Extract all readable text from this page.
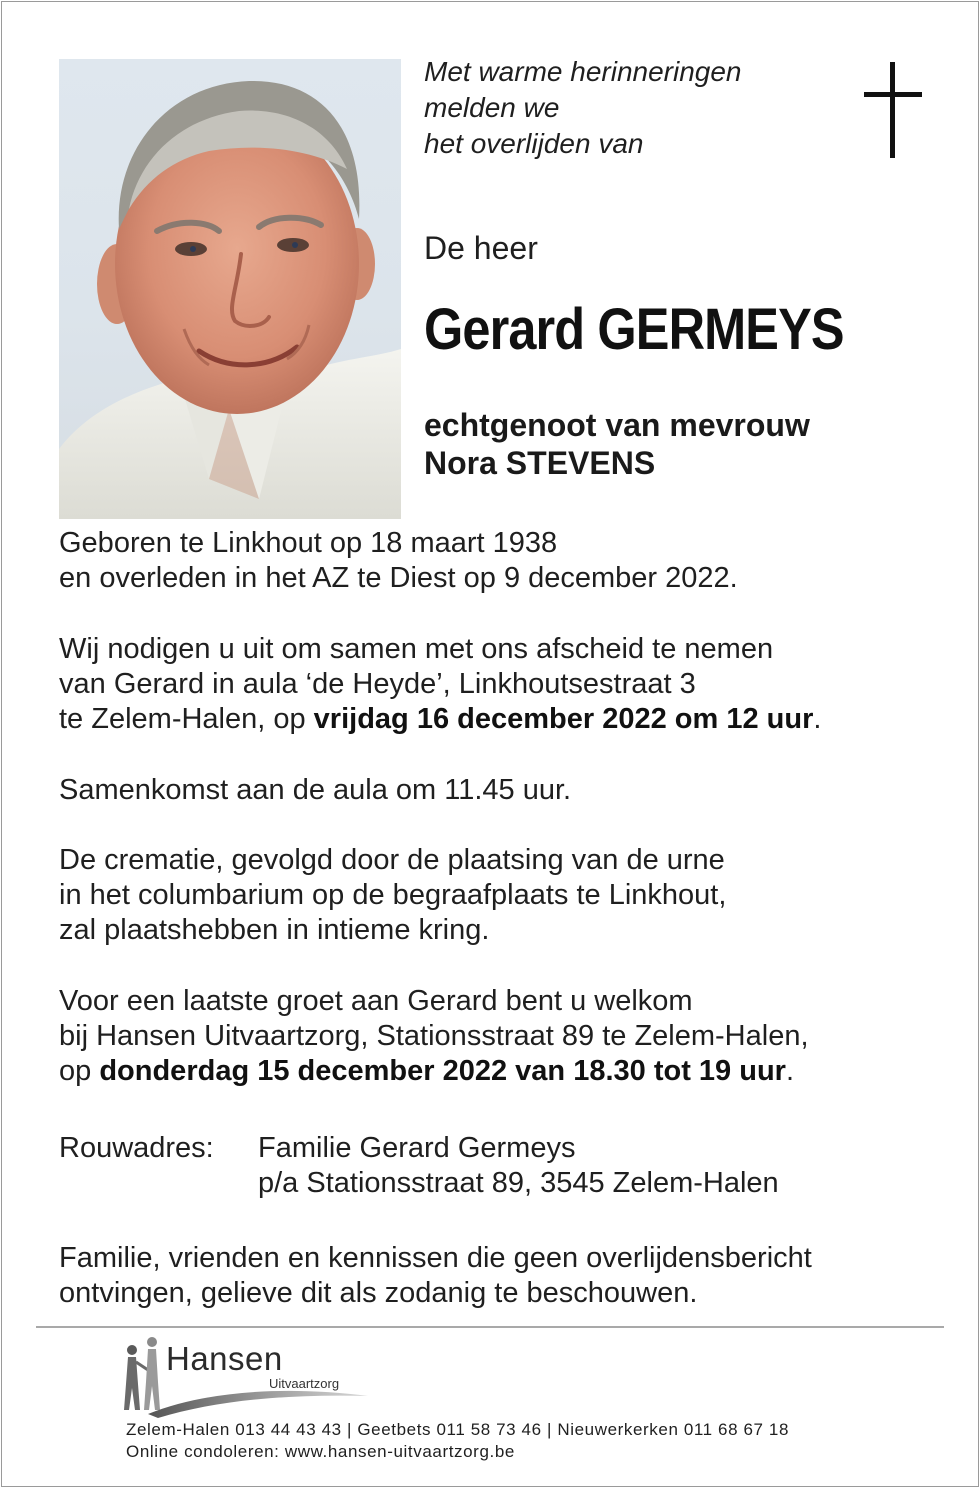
Met warme herinneringen
melden we
het overlijden van
De heer
Gerard GERMEYS
echtgenoot van mevrouw
Nora STEVENS
Geboren te Linkhout op 18 maart 1938
en overleden in het AZ te Diest op 9 december 2022.
Wij nodigen u uit om samen met ons afscheid te nemen
van Gerard in aula ‘de Heyde’, Linkhoutsestraat 3
te Zelem-Halen, op vrijdag 16 december 2022 om 12 uur.
Samenkomst aan de aula om 11.45 uur.
De crematie, gevolgd door de plaatsing van de urne
in het columbarium op de begraafplaats te Linkhout,
zal plaatshebben in intieme kring.
Voor een laatste groet aan Gerard bent u welkom
bij Hansen Uitvaartzorg, Stationsstraat 89 te Zelem-Halen,
op donderdag 15 december 2022 van 18.30 tot 19 uur.
Rouwadres: Familie Gerard Germeys
p/a Stationsstraat 89, 3545 Zelem-Halen
Familie, vrienden en kennissen die geen overlijdensbericht
ontvingen, gelieve dit als zodanig te beschouwen.
Hansen
Uitvaartzorg
Zelem-Halen 013 44 43 43 | Geetbets 011 58 73 46 | Nieuwerkerken 011 68 67 18
Online condoleren: www.hansen-uitvaartzorg.be
